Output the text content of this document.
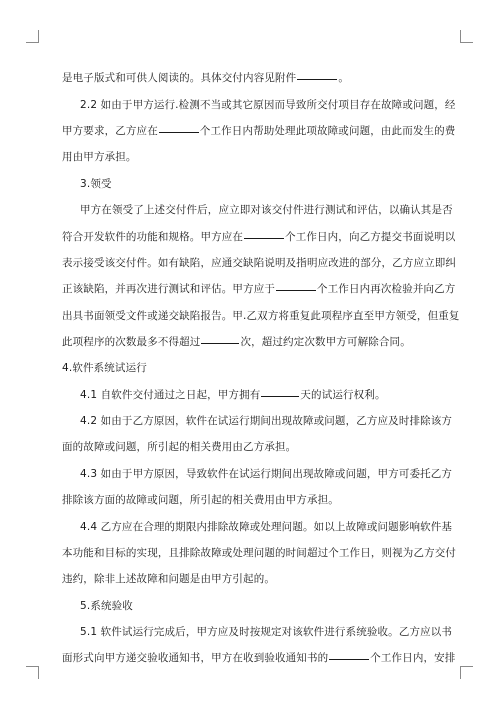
是电子版式和可供人阅读的。具体交付内容见附件	。
2.2 如由于甲方运行.检测不当或其它原因而导致所交付项目存在故障或问题，经
甲方要求，乙方应在	个工作日内帮助处理此项故障或问题，由此而发生的费
用由甲方承担。
3.领受
甲方在领受了上述交付件后，应立即对该交付件进行测试和评估，以确认其是否
符合开发软件的功能和规格。甲方应在	个工作日内，向乙方提交书面说明以
表示接受该交付件。如有缺陷，应通交缺陷说明及指明应改进的部分，乙方应立即纠
正该缺陷，并再次进行测试和评估。甲方应于	个工作日内再次检验并向乙方
出具书面领受文件或递交缺陷报告。甲.乙双方将重复此项程序直至甲方领受，但重复
此项程序的次数最多不得超过	次，超过约定次数甲方可解除合同。
4.软件系统试运行
4.1 自软件交付通过之日起，甲方拥有	天的试运行权利。
4.2 如由于乙方原因，软件在试运行期间出现故障或问题，乙方应及时排除该方
面的故障或问题，所引起的相关费用由乙方承担。
4.3 如由于甲方原因，导致软件在试运行期间出现故障或问题，甲方可委托乙方
排除该方面的故障或问题，所引起的相关费用由甲方承担。
4.4 乙方应在合理的期限内排除故障或处理问题。如以上故障或问题影响软件基
本功能和目标的实现，且排除故障或处理问题的时间超过个工作日，则视为乙方交付
违约，除非上述故障和问题是由甲方引起的。
5.系统验收
5.1 软件试运行完成后，甲方应及时按规定对该软件进行系统验收。乙方应以书
面形式向甲方递交验收通知书，甲方在收到验收通知书的	个工作日内，安排
